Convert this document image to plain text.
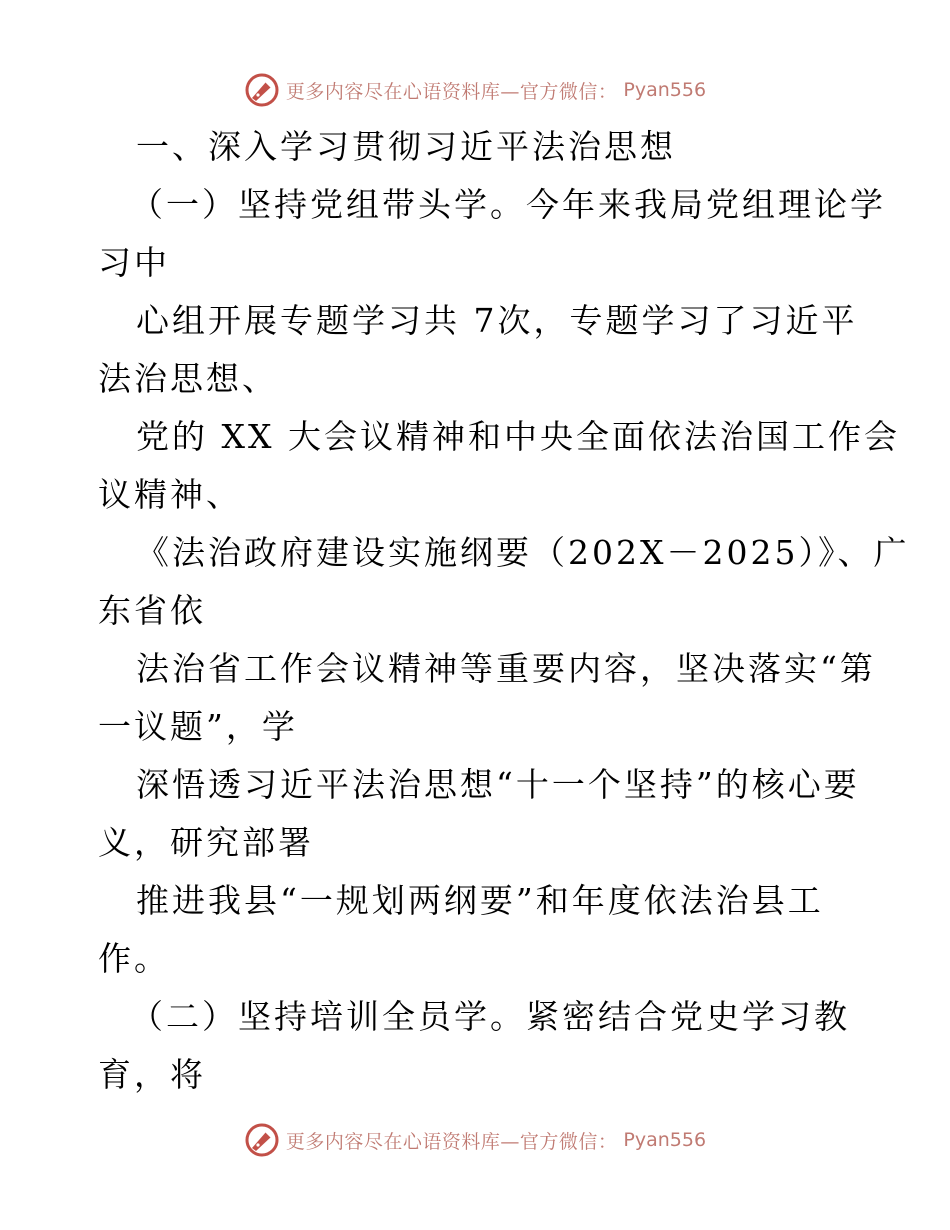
更多内容尽在心语资料库—官方微信： Pyan556
一、深入学习贯彻习近平法治思想
（一）坚持党组带头学。今年来我局党组理论学
习中
心组开展专题学习共 7次，专题学习了习近平
法治思想、
党的 XX 大会议精神和中央全面依法治国工作会
议精神、
《法治政府建设实施纲要（202X－2025）》、广
东省依
法治省工作会议精神等重要内容，坚决落实“第
一议题”，学
深悟透习近平法治思想“十一个坚持”的核心要
义，研究部署
推进我县“一规划两纲要”和年度依法治县工
作。
（二）坚持培训全员学。紧密结合党史学习教
育，将
更多内容尽在心语资料库—官方微信： Pyan556
